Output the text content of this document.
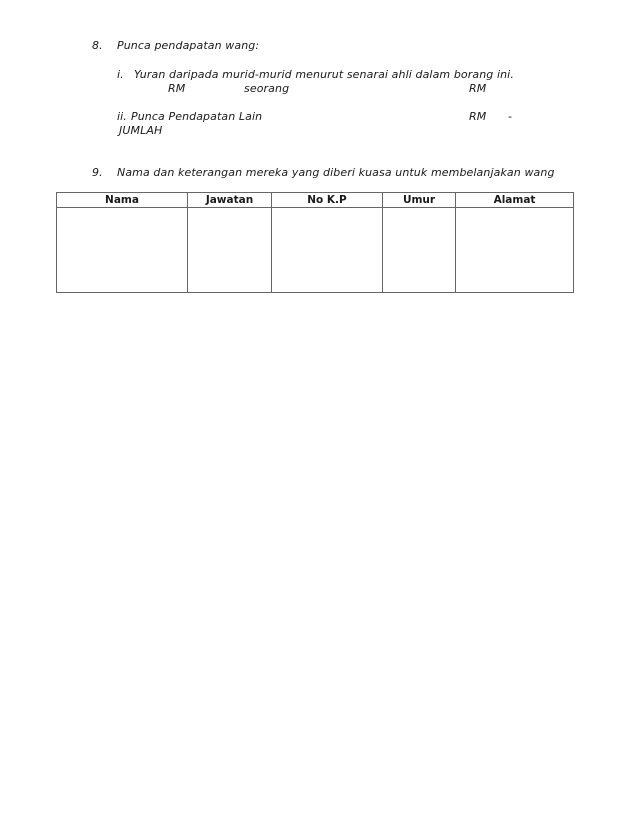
8. Punca pendapatan wang:
i. Yuran daripada murid-murid menurut senarai ahli dalam borang ini.
RM	seorang	RM
ii. Punca Pendapatan Lain	RM -
JUMLAH
9. Nama dan keterangan mereka yang diberi kuasa untuk membelanjakan wang
Nama	Jawatan	No K.P	Umur	Alamat
